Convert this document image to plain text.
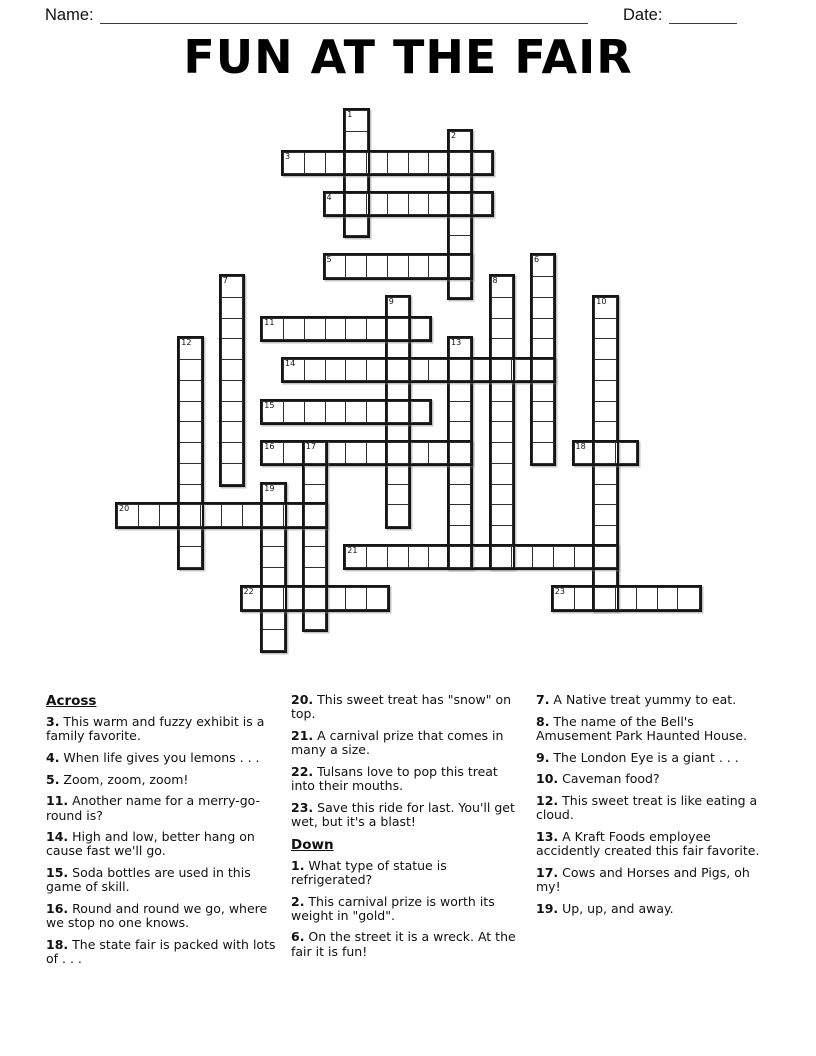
Name:	Date:
FUN AT THE FAIR
1
2
3
4
5	6
7	8
9	10
11
12	13
14
15
16	17	18
19
20
21
22	23
Across

3. This warm and fuzzy exhibit is a family favorite.

4. When life gives you lemons . . .

5. Zoom, zoom, zoom!

11. Another name for a merry-go-round is?

14. High and low, better hang on cause fast we'll go.

15. Soda bottles are used in this game of skill.

16. Round and round we go, where we stop no one knows.

18. The state fair is packed with lots of . . .

20. This sweet treat has "snow" on top.

21. A carnival prize that comes in many a size.

22. Tulsans love to pop this treat into their mouths.

23. Save this ride for last. You'll get wet, but it's a blast!

Down

1. What type of statue is refrigerated?

2. This carnival prize is worth its weight in "gold".

6. On the street it is a wreck. At the fair it is fun!

7. A Native treat yummy to eat.

8. The name of the Bell's Amusement Park Haunted House.

9. The London Eye is a giant . . .

10. Caveman food?

12. This sweet treat is like eating a cloud.

13. A Kraft Foods employee accidently created this fair favorite.

17. Cows and Horses and Pigs, oh my!

19. Up, up, and away.
